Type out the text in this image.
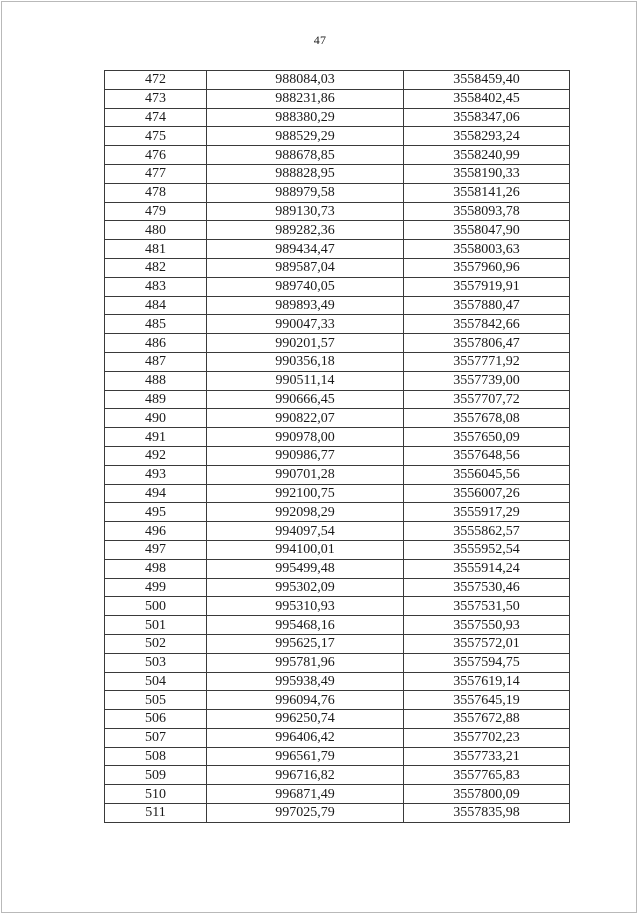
47
472	988084,03	3558459,40
473	988231,86	3558402,45
474	988380,29	3558347,06
475	988529,29	3558293,24
476	988678,85	3558240,99
477	988828,95	3558190,33
478	988979,58	3558141,26
479	989130,73	3558093,78
480	989282,36	3558047,90
481	989434,47	3558003,63
482	989587,04	3557960,96
483	989740,05	3557919,91
484	989893,49	3557880,47
485	990047,33	3557842,66
486	990201,57	3557806,47
487	990356,18	3557771,92
488	990511,14	3557739,00
489	990666,45	3557707,72
490	990822,07	3557678,08
491	990978,00	3557650,09
492	990986,77	3557648,56
493	990701,28	3556045,56
494	992100,75	3556007,26
495	992098,29	3555917,29
496	994097,54	3555862,57
497	994100,01	3555952,54
498	995499,48	3555914,24
499	995302,09	3557530,46
500	995310,93	3557531,50
501	995468,16	3557550,93
502	995625,17	3557572,01
503	995781,96	3557594,75
504	995938,49	3557619,14
505	996094,76	3557645,19
506	996250,74	3557672,88
507	996406,42	3557702,23
508	996561,79	3557733,21
509	996716,82	3557765,83
510	996871,49	3557800,09
511	997025,79	3557835,98
